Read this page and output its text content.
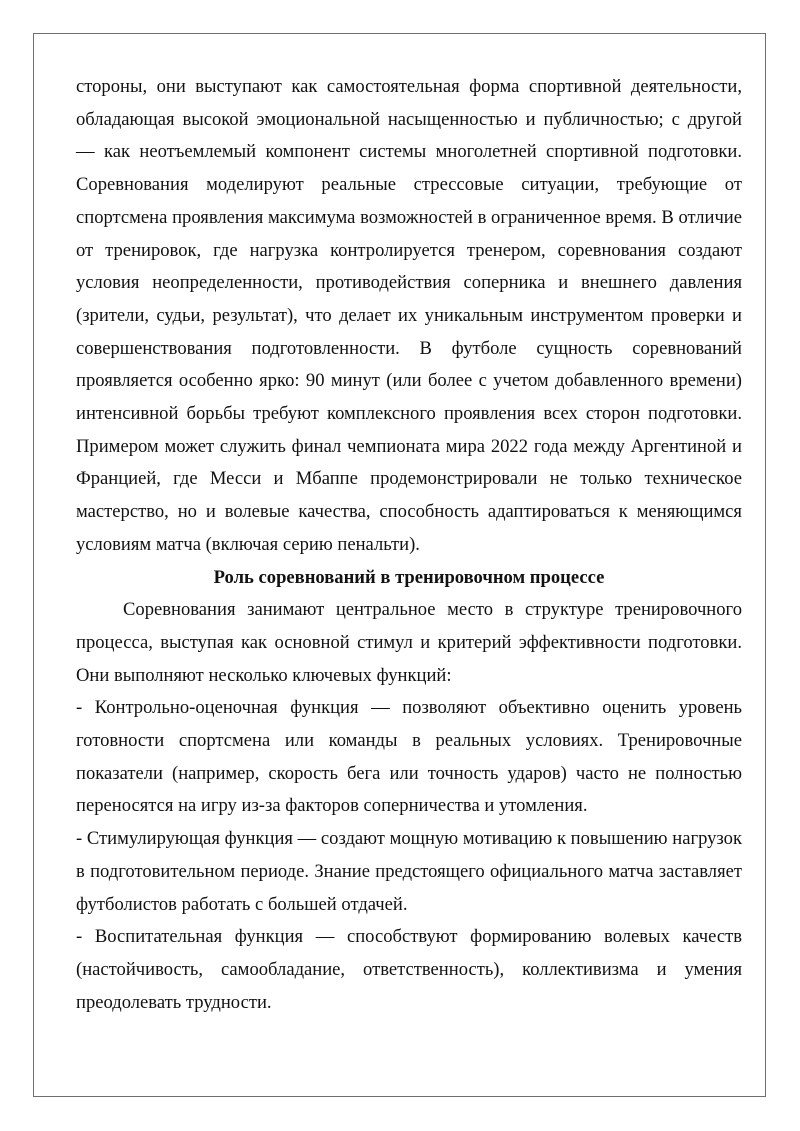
стороны, они выступают как самостоятельная форма спортивной деятельности, обладающая высокой эмоциональной насыщенностью и публичностью; с другой — как неотъемлемый компонент системы многолетней спортивной подготовки. Соревнования моделируют реальные стрессовые ситуации, требующие от спортсмена проявления максимума возможностей в ограниченное время. В отличие от тренировок, где нагрузка контролируется тренером, соревнования создают условия неопределенности, противодействия соперника и внешнего давления (зрители, судьи, результат), что делает их уникальным инструментом проверки и совершенствования подготовленности. В футболе сущность соревнований проявляется особенно ярко: 90 минут (или более с учетом добавленного времени) интенсивной борьбы требуют комплексного проявления всех сторон подготовки. Примером может служить финал чемпионата мира 2022 года между Аргентиной и Францией, где Месси и Мбаппе продемонстрировали не только техническое мастерство, но и волевые качества, способность адаптироваться к меняющимся условиям матча (включая серию пенальти).

Роль соревнований в тренировочном процессе

Соревнования занимают центральное место в структуре тренировочного процесса, выступая как основной стимул и критерий эффективности подготовки. Они выполняют несколько ключевых функций:

- Контрольно-оценочная функция — позволяют объективно оценить уровень готовности спортсмена или команды в реальных условиях. Тренировочные показатели (например, скорость бега или точность ударов) часто не полностью переносятся на игру из-за факторов соперничества и утомления.

- Стимулирующая функция — создают мощную мотивацию к повышению нагрузок в подготовительном периоде. Знание предстоящего официального матча заставляет футболистов работать с большей отдачей.

- Воспитательная функция — способствуют формированию волевых качеств (настойчивость, самообладание, ответственность), коллективизма и умения преодолевать трудности.
